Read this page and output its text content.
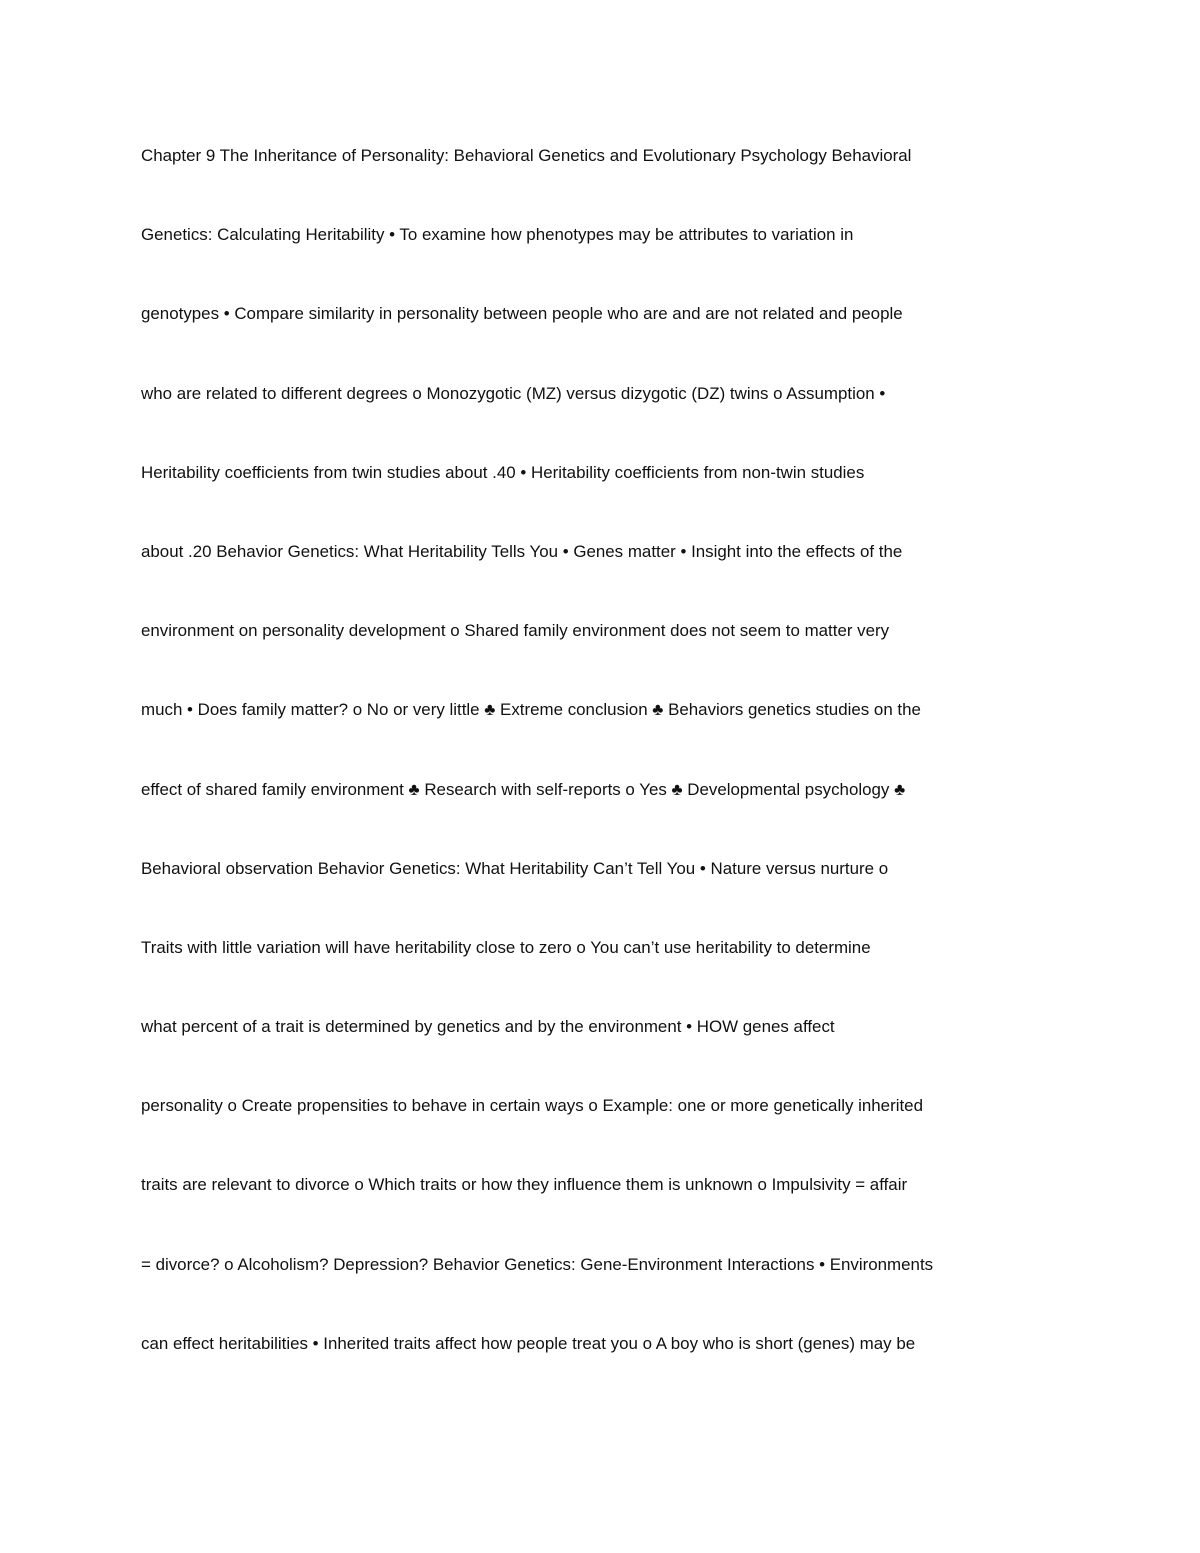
Chapter 9 The Inheritance of Personality: Behavioral Genetics and Evolutionary Psychology Behavioral
Genetics: Calculating Heritability • To examine how phenotypes may be attributes to variation in
genotypes • Compare similarity in personality between people who are and are not related and people
who are related to different degrees o Monozygotic (MZ) versus dizygotic (DZ) twins o Assumption •
Heritability coefficients from twin studies about .40 • Heritability coefficients from non-twin studies
about .20 Behavior Genetics: What Heritability Tells You • Genes matter • Insight into the effects of the
environment on personality development o Shared family environment does not seem to matter very
much • Does family matter? o No or very little ♣ Extreme conclusion ♣ Behaviors genetics studies on the
effect of shared family environment ♣ Research with self-reports o Yes ♣ Developmental psychology ♣
Behavioral observation Behavior Genetics: What Heritability Can’t Tell You • Nature versus nurture o
Traits with little variation will have heritability close to zero o You can’t use heritability to determine
what percent of a trait is determined by genetics and by the environment • HOW genes affect
personality o Create propensities to behave in certain ways o Example: one or more genetically inherited
traits are relevant to divorce o Which traits or how they influence them is unknown o Impulsivity = affair
= divorce? o Alcoholism? Depression? Behavior Genetics: Gene-Environment Interactions • Environments
can effect heritabilities • Inherited traits affect how people treat you o A boy who is short (genes) may be
